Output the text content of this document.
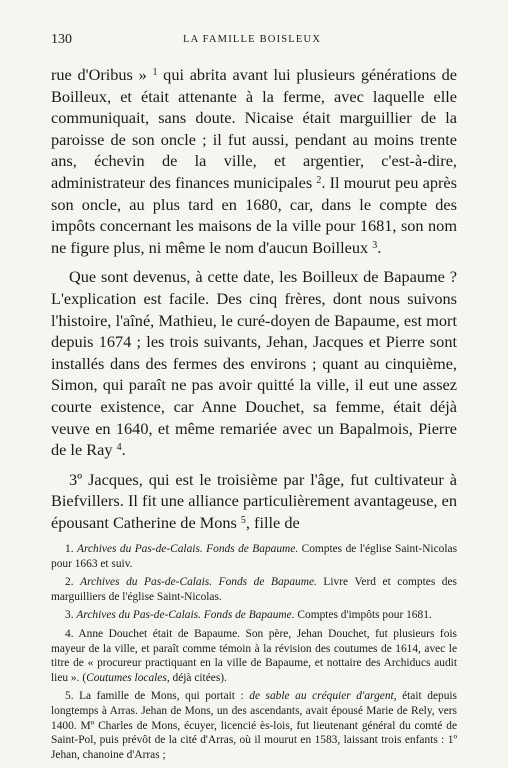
130	LA FAMILLE BOISLEUX

rue d'Oribus » $^1$ qui abrita avant lui plusieurs générations de Boilleux, et était attenante à la ferme, avec laquelle elle communiquait, sans doute. Nicaise était marguillier de la paroisse de son oncle ; il fut aussi, pendant au moins trente ans, échevin de la ville, et argentier, c'est-à-dire, administrateur des finances municipales $^2$. Il mourut peu après son oncle, au plus tard en 1680, car, dans le compte des impôts concernant les maisons de la ville pour 1681, son nom ne figure plus, ni même le nom d'aucun Boilleux $^3$.

Que sont devenus, à cette date, les Boilleux de Bapaume ? L'explication est facile. Des cinq frères, dont nous suivons l'histoire, l'aîné, Mathieu, le curé-doyen de Bapaume, est mort depuis 1674 ; les trois suivants, Jehan, Jacques et Pierre sont installés dans des fermes des environs ; quant au cinquième, Simon, qui paraît ne pas avoir quitté la ville, il eut une assez courte existence, car Anne Douchet, sa femme, était déjà veuve en 1640, et même remariée avec un Bapalmois, Pierre de le Ray $^4$.

3º Jacques, qui est le troisième par l'âge, fut cultivateur à Biefvillers. Il fit une alliance particulièrement avantageuse, en épousant Catherine de Mons $^5$, fille de

1. Archives du Pas-de-Calais. Fonds de Bapaume. Comptes de l'église Saint-Nicolas pour 1663 et suiv.

2. Archives du Pas-de-Calais. Fonds de Bapaume. Livre Verd et comptes des marguilliers de l'église Saint-Nicolas.

3. Archives du Pas-de-Calais. Fonds de Bapaume. Comptes d'impôts pour 1681.

4. Anne Douchet était de Bapaume. Son père, Jehan Douchet, fut plusieurs fois mayeur de la ville, et paraît comme témoin à la révision des coutumes de 1614, avec le titre de « procureur practiquant en la ville de Bapaume, et nottaire des Archiducs audit lieu ». (Coutumes locales, déjà citées).

5. La famille de Mons, qui portait : de sable au créquier d'argent, était depuis longtemps à Arras. Jehan de Mons, un des ascendants, avait épousé Marie de Rely, vers 1400. Mº Charles de Mons, écuyer, licencié ès-lois, fut lieutenant général du comté de Saint-Pol, puis prévôt de la cité d'Arras, où il mourut en 1583, laissant trois enfants : 1º Jehan, chanoine d'Arras ;
